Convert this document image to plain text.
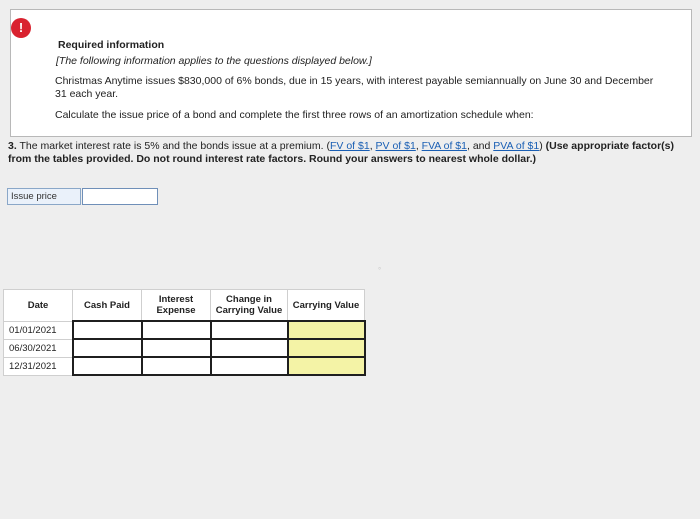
!
Required information
[The following information applies to the questions displayed below.]
Christmas Anytime issues $830,000 of 6% bonds, due in 15 years, with interest payable semiannually on June 30 and December 31 each year.
Calculate the issue price of a bond and complete the first three rows of an amortization schedule when:
3. The market interest rate is 5% and the bonds issue at a premium. (FV of $1, PV of $1, FVA of $1, and PVA of $1) (Use appropriate factor(s) from the tables provided. Do not round interest rate factors. Round your answers to nearest whole dollar.)
Issue price
°
Date	Cash Paid	Interest Expense	Change in Carrying Value	Carrying Value
01/01/2021				
06/30/2021				
12/31/2021				
